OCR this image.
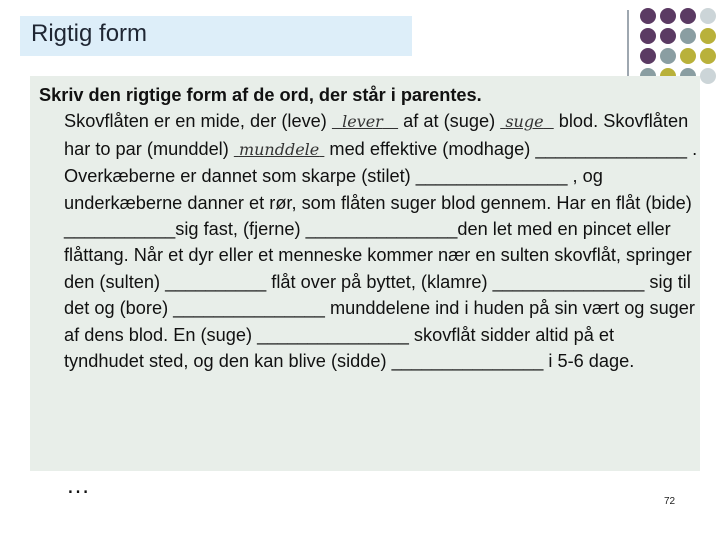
Rigtig form
Skriv den rigtige form af de ord, der står i parentes.
Skovflåten er en mide, der (leve) lever af at (suge) suge blod. Skovflåten har to par (munddel) munddele med effektive (modhage) _______________ . Overkæberne er dannet som skarpe (stilet) _______________ , og underkæberne danner et rør, som flåten suger blod gennem. Har en flåt (bide) ___________sig fast, (fjerne) _______________den let med en pincet eller flåttang. Når et dyr eller et menneske kommer nær en sulten skovflåt, springer den (sulten) __________ flåt over på byttet, (klamre) _______________ sig til det og (bore) _______________ munddelene ind i huden på sin vært og suger af dens blod. En (suge) _______________ skovflåt sidder altid på et tyndhudet sted, og den kan blive (sidde) _______________ i 5-6 dage.
…
72
